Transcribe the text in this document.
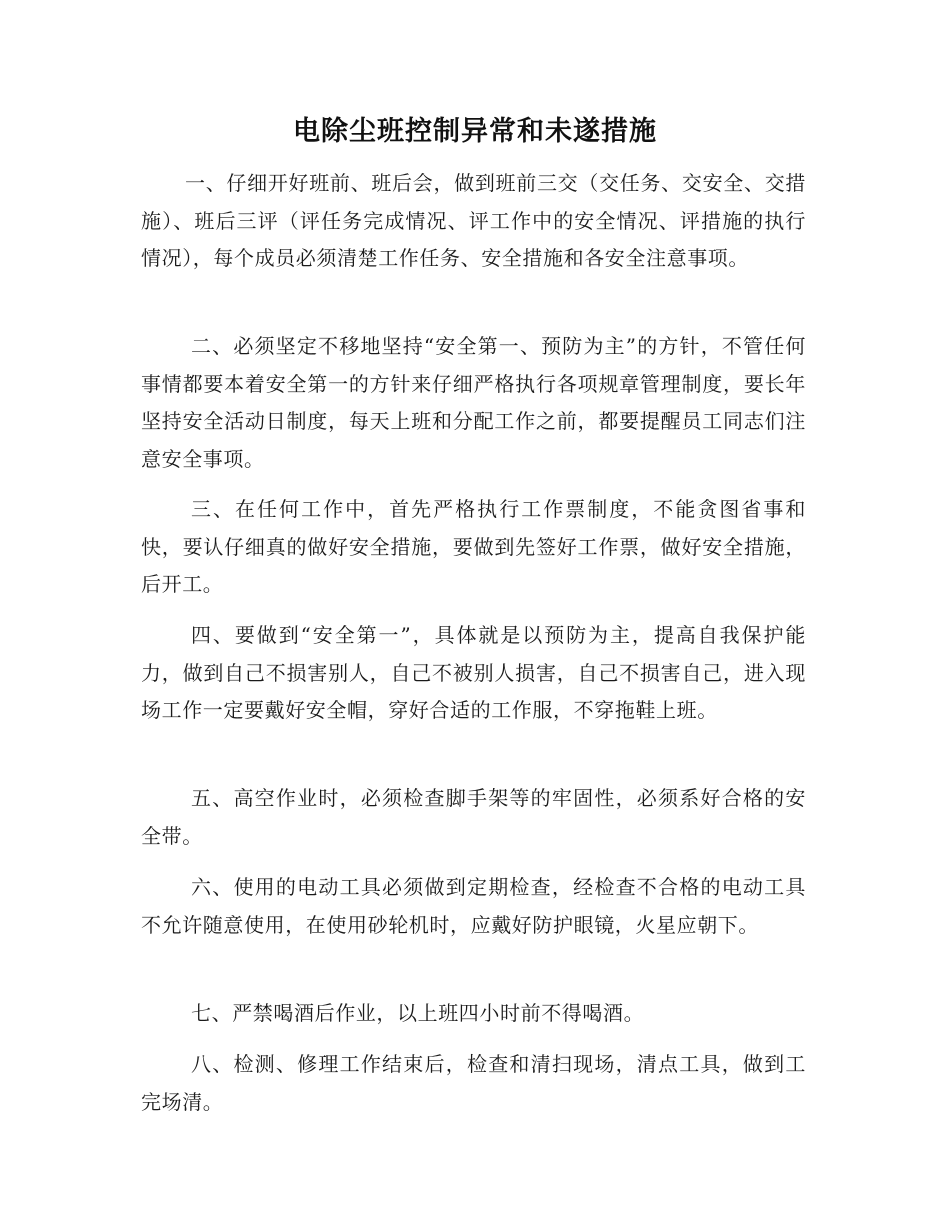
电除尘班控制异常和未遂措施

一、仔细开好班前、班后会，做到班前三交（交任务、交安全、交措施）、班后三评（评任务完成情况、评工作中的安全情况、评措施的执行情况），每个成员必须清楚工作任务、安全措施和各安全注意事项。

二、必须坚定不移地坚持“安全第一、预防为主”的方针，不管任何事情都要本着安全第一的方针来仔细严格执行各项规章管理制度，要长年坚持安全活动日制度，每天上班和分配工作之前，都要提醒员工同志们注意安全事项。

三、在任何工作中，首先严格执行工作票制度，不能贪图省事和快，要认仔细真的做好安全措施，要做到先签好工作票，做好安全措施，后开工。

四、要做到“安全第一”，具体就是以预防为主，提高自我保护能力，做到自己不损害别人，自己不被别人损害，自己不损害自己，进入现场工作一定要戴好安全帽，穿好合适的工作服，不穿拖鞋上班。

五、高空作业时，必须检查脚手架等的牢固性，必须系好合格的安全带。

六、使用的电动工具必须做到定期检查，经检查不合格的电动工具不允许随意使用，在使用砂轮机时，应戴好防护眼镜，火星应朝下。

七、严禁喝酒后作业，以上班四小时前不得喝酒。

八、检测、修理工作结束后，检查和清扫现场，清点工具，做到工完场清。
